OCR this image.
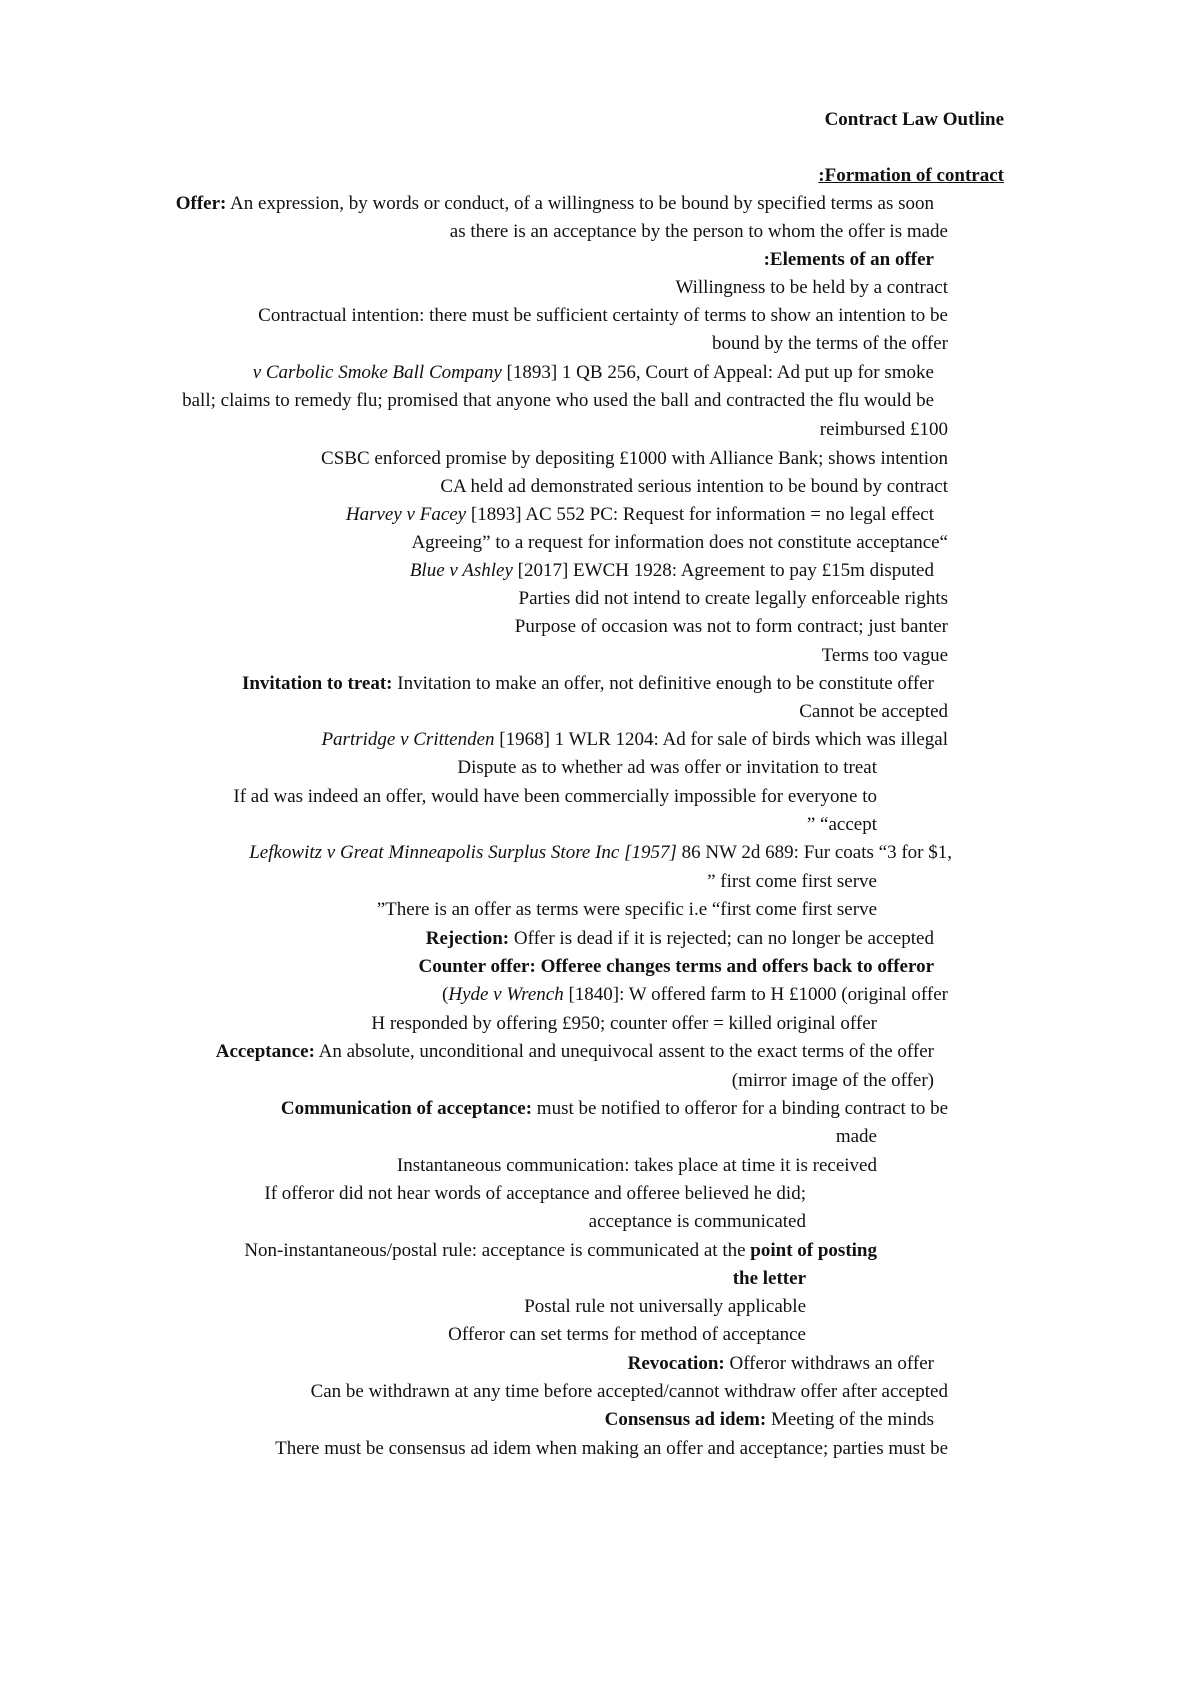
Contract Law Outline

:Formation of contract

Offer: An expression, by words or conduct, of a willingness to be bound by specified terms as soon

as there is an acceptance by the person to whom the offer is made

:Elements of an offer

Willingness to be held by a contract

Contractual intention: there must be sufficient certainty of terms to show an intention to be

bound by the terms of the offer

v Carbolic Smoke Ball Company [1893] 1 QB 256, Court of Appeal: Ad put up for smoke

ball; claims to remedy flu; promised that anyone who used the ball and contracted the flu would be

reimbursed £100

CSBC enforced promise by depositing £1000 with Alliance Bank; shows intention

CA held ad demonstrated serious intention to be bound by contract

Harvey v Facey [1893] AC 552 PC: Request for information = no legal effect

Agreeing” to a request for information does not constitute acceptance“

Blue v Ashley [2017] EWCH 1928: Agreement to pay £15m disputed

Parties did not intend to create legally enforceable rights

Purpose of occasion was not to form contract; just banter

Terms too vague

Invitation to treat: Invitation to make an offer, not definitive enough to be constitute offer

Cannot be accepted

Partridge v Crittenden [1968] 1 WLR 1204: Ad for sale of birds which was illegal

Dispute as to whether ad was offer or invitation to treat

If ad was indeed an offer, would have been commercially impossible for everyone to

” “accept

Lefkowitz v Great Minneapolis Surplus Store Inc [1957] 86 NW 2d 689: Fur coats “3 for $1,

” first come first serve

”There is an offer as terms were specific i.e “first come first serve

Rejection: Offer is dead if it is rejected; can no longer be accepted

Counter offer: Offeree changes terms and offers back to offeror

(Hyde v Wrench [1840]: W offered farm to H £1000 (original offer

H responded by offering £950; counter offer = killed original offer

Acceptance: An absolute, unconditional and unequivocal assent to the exact terms of the offer

(mirror image of the offer)

Communication of acceptance: must be notified to offeror for a binding contract to be

made

Instantaneous communication: takes place at time it is received

If offeror did not hear words of acceptance and offeree believed he did;

acceptance is communicated

Non-instantaneous/postal rule: acceptance is communicated at the point of posting

the letter

Postal rule not universally applicable

Offeror can set terms for method of acceptance

Revocation: Offeror withdraws an offer

Can be withdrawn at any time before accepted/cannot withdraw offer after accepted

Consensus ad idem: Meeting of the minds

There must be consensus ad idem when making an offer and acceptance; parties must be
